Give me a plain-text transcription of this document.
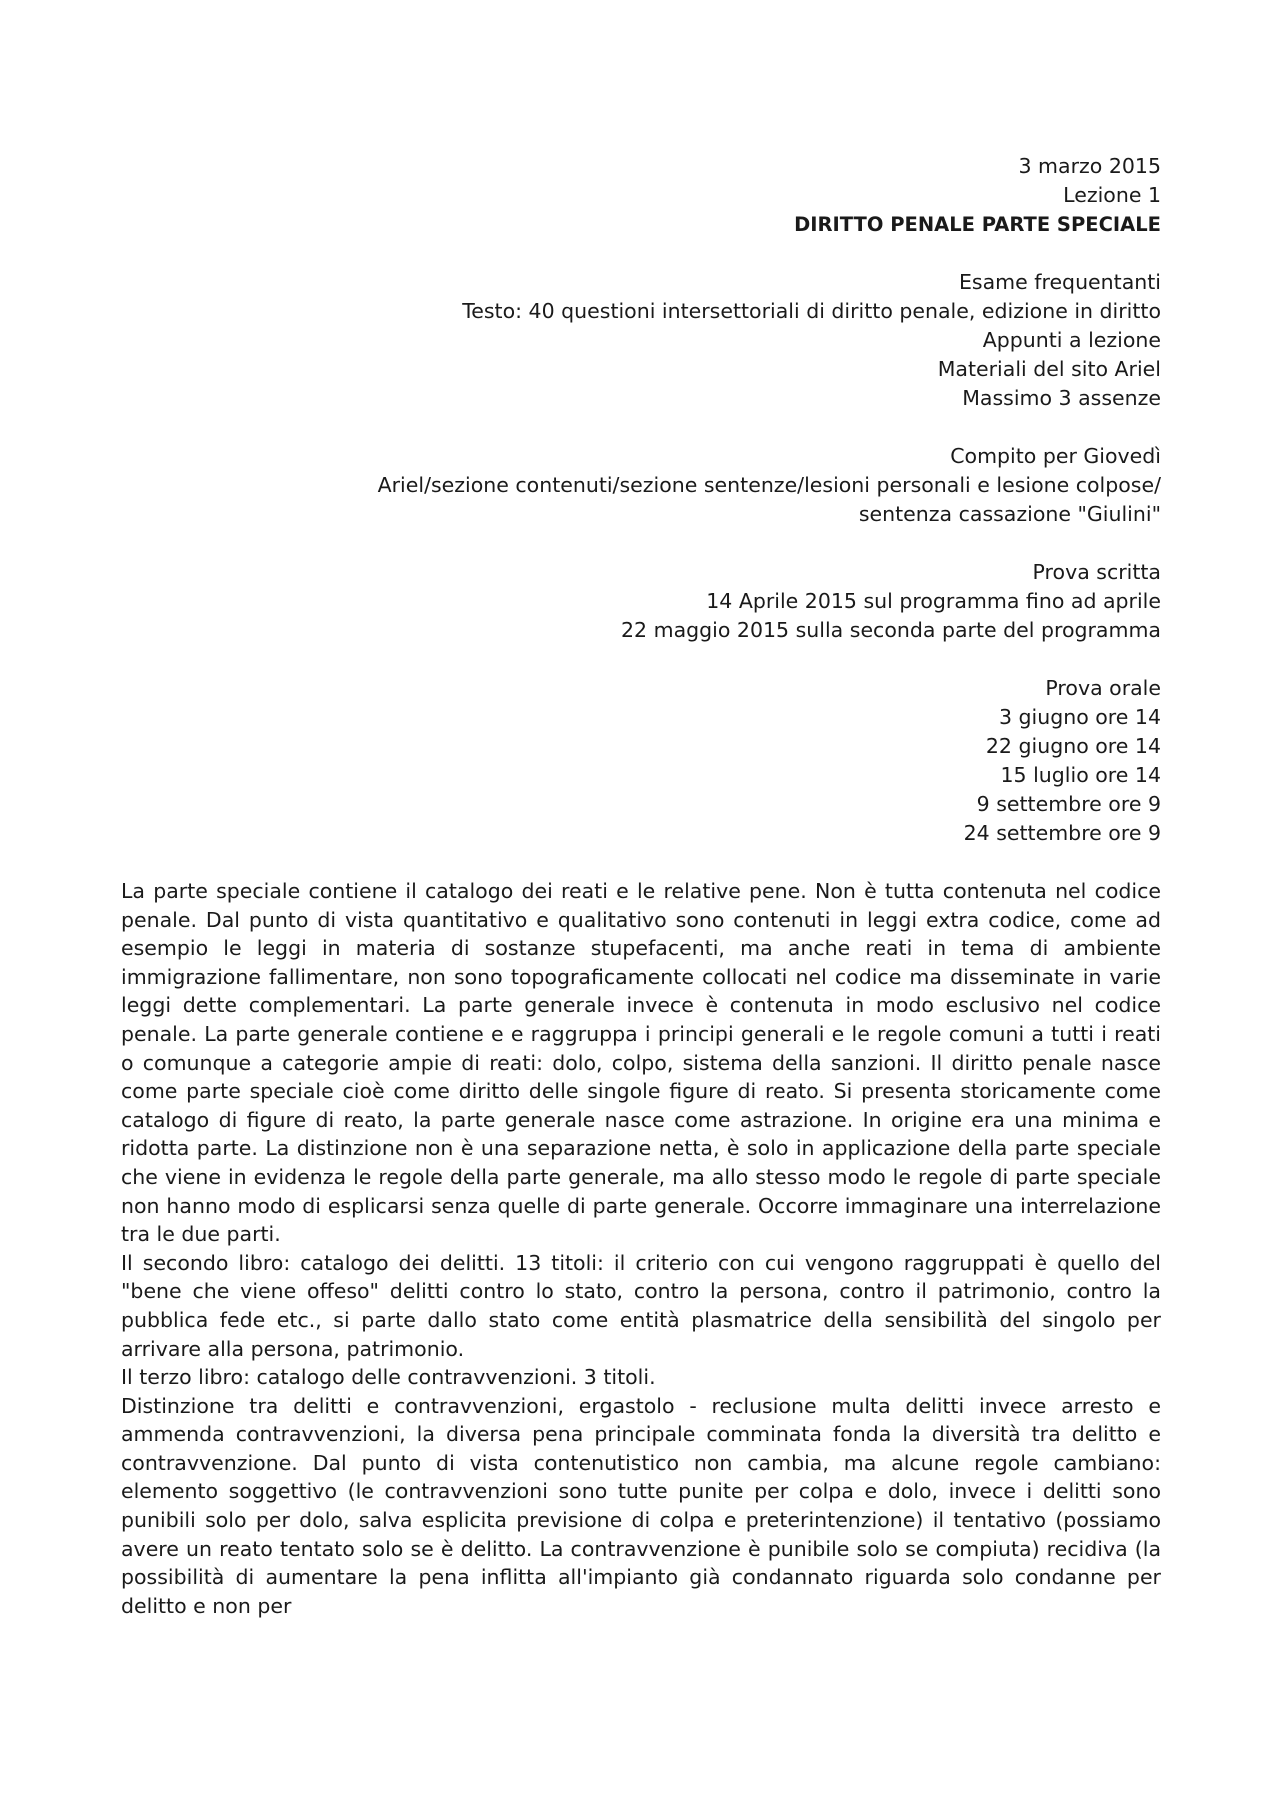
3 marzo 2015
Lezione 1
DIRITTO PENALE PARTE SPECIALE
Esame frequentanti
Testo: 40 questioni intersettoriali di diritto penale, edizione in diritto
Appunti a lezione
Materiali del sito Ariel
Massimo 3 assenze
Compito per Giovedì
Ariel/sezione contenuti/sezione sentenze/lesioni personali e lesione colpose/
sentenza cassazione "Giulini"
Prova scritta
14 Aprile 2015 sul programma fino ad aprile
22 maggio 2015 sulla seconda parte del programma
Prova orale
3 giugno ore 14
22 giugno ore 14
15 luglio ore 14
9 settembre ore 9
24 settembre ore 9

La parte speciale contiene il catalogo dei reati e le relative pene. Non è tutta contenuta nel codice penale. Dal punto di vista quantitativo e qualitativo sono contenuti in leggi extra codice, come ad esempio le leggi in materia di sostanze stupefacenti, ma anche reati in tema di ambiente immigrazione fallimentare, non sono topograficamente collocati nel codice ma disseminate in varie leggi dette complementari. La parte generale invece è contenuta in modo esclusivo nel codice penale. La parte generale contiene e e raggruppa i principi generali e le regole comuni a tutti i reati o comunque a categorie ampie di reati: dolo, colpo, sistema della sanzioni. Il diritto penale nasce come parte speciale cioè come diritto delle singole figure di reato. Si presenta storicamente come catalogo di figure di reato, la parte generale nasce come astrazione. In origine era una minima e ridotta parte. La distinzione non è una separazione netta, è solo in applicazione della parte speciale che viene in evidenza le regole della parte generale, ma allo stesso modo le regole di parte speciale non hanno modo di esplicarsi senza quelle di parte generale. Occorre immaginare una interrelazione tra le due parti.

Il secondo libro: catalogo dei delitti. 13 titoli: il criterio con cui vengono raggruppati è quello del "bene che viene offeso" delitti contro lo stato, contro la persona, contro il patrimonio, contro la pubblica fede etc., si parte dallo stato come entità plasmatrice della sensibilità del singolo per arrivare alla persona, patrimonio.

Il terzo libro: catalogo delle contravvenzioni. 3 titoli.

Distinzione tra delitti e contravvenzioni, ergastolo - reclusione multa delitti invece arresto e ammenda contravvenzioni, la diversa pena principale comminata fonda la diversità tra delitto e contravvenzione. Dal punto di vista contenutistico non cambia, ma alcune regole cambiano: elemento soggettivo (le contravvenzioni sono tutte punite per colpa e dolo, invece i delitti sono punibili solo per dolo, salva esplicita previsione di colpa e preterintenzione) il tentativo (possiamo avere un reato tentato solo se è delitto. La contravvenzione è punibile solo se compiuta) recidiva (la possibilità di aumentare la pena inflitta all'impianto già condannato riguarda solo condanne per delitto e non per
